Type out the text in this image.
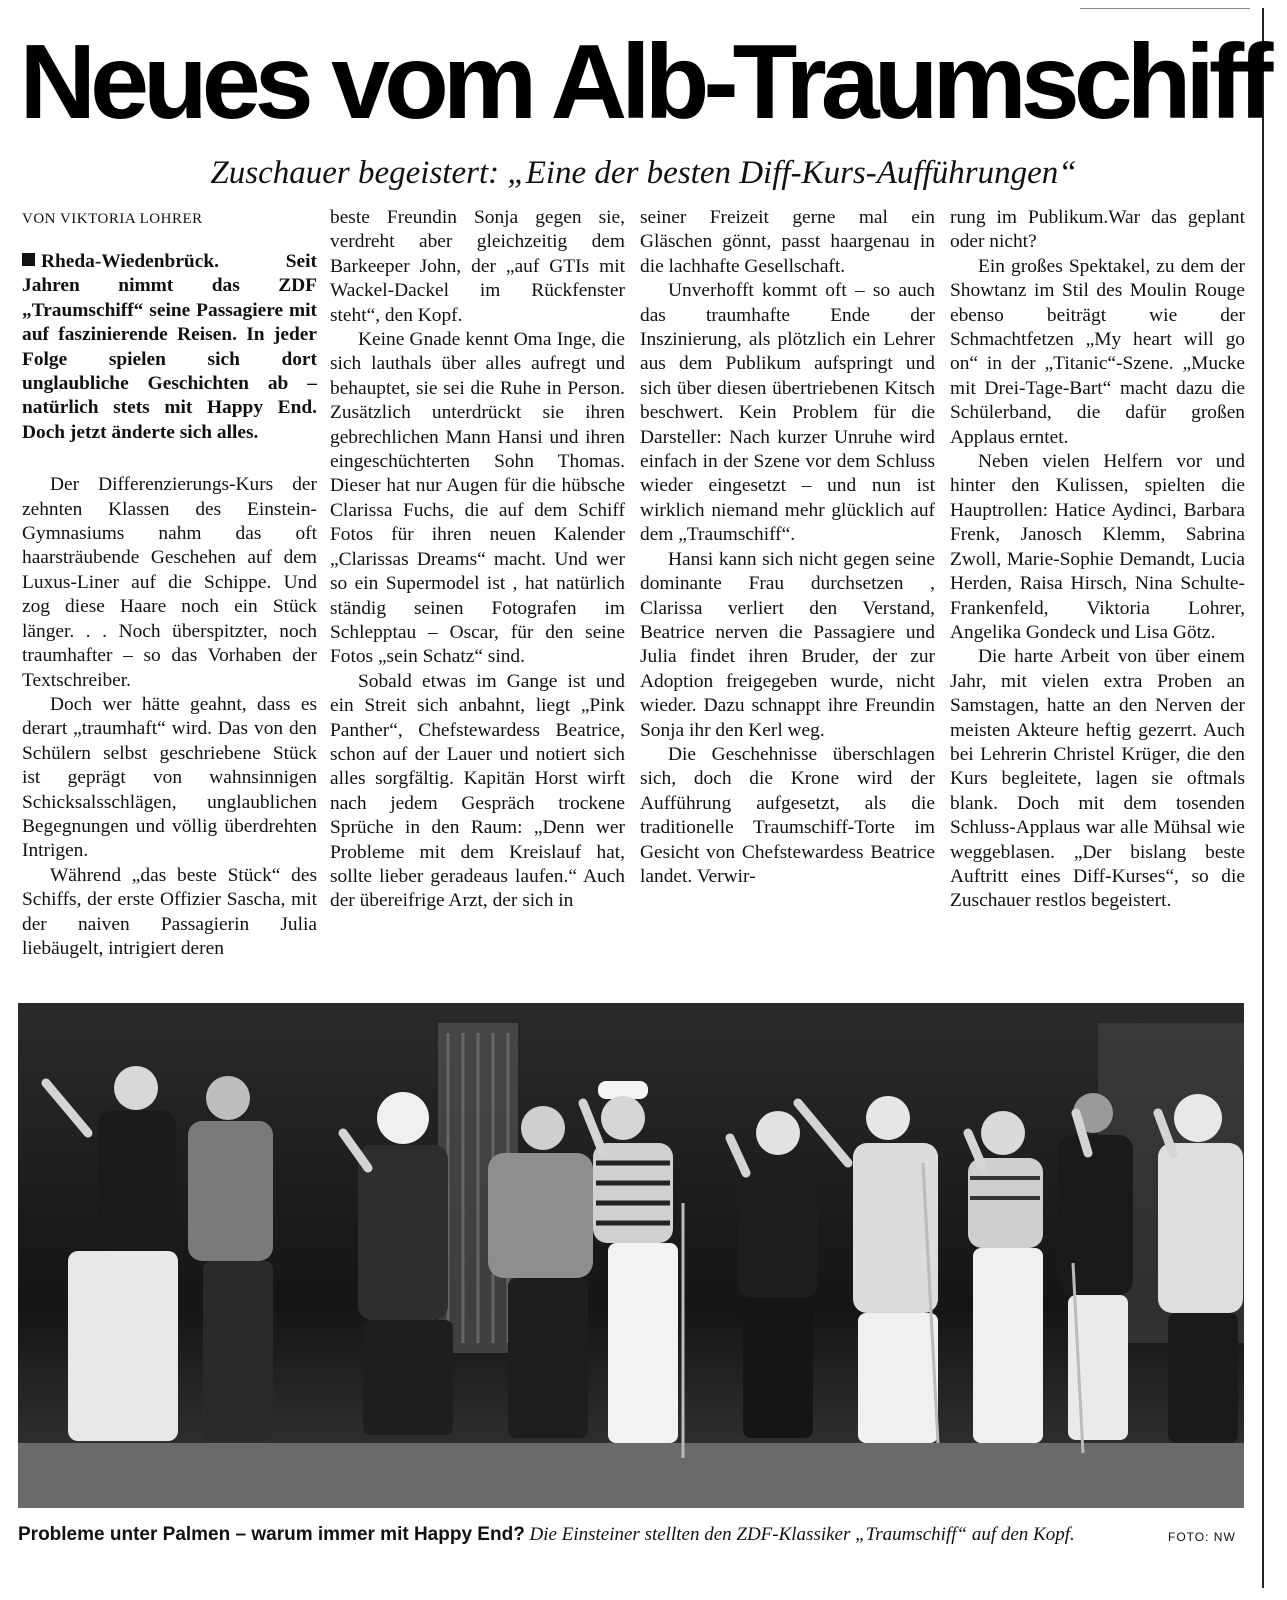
Neues vom Alb-Traumschiff
Zuschauer begeistert: „Eine der besten Diff-Kurs-Aufführungen“
VON VIKTORIA LOHRER
Rheda-Wiedenbrück. Seit Jahren nimmt das ZDF „Traumschiff“ seine Passagiere mit auf faszinierende Reisen. In jeder Folge spielen sich dort unglaubliche Geschichten ab – natürlich stets mit Happy End. Doch jetzt änderte sich alles.

Der Differenzierungs-Kurs der zehnten Klassen des Einstein-Gymnasiums nahm das oft haarsträubende Geschehen auf dem Luxus-Liner auf die Schippe. Und zog diese Haare noch ein Stück länger. . . Noch überspitzter, noch traumhafter – so das Vorhaben der Textschreiber.

Doch wer hätte geahnt, dass es derart „traumhaft“ wird. Das von den Schülern selbst geschriebene Stück ist geprägt von wahnsinnigen Schicksalsschlägen, unglaublichen Begegnungen und völlig überdrehten Intrigen.

Während „das beste Stück“ des Schiffs, der erste Offizier Sascha, mit der naiven Passagierin Julia liebäugelt, intrigiert deren

beste Freundin Sonja gegen sie, verdreht aber gleichzeitig dem Barkeeper John, der „auf GTIs mit Wackel-Dackel im Rückfenster steht“, den Kopf.

Keine Gnade kennt Oma Inge, die sich lauthals über alles aufregt und behauptet, sie sei die Ruhe in Person. Zusätzlich unterdrückt sie ihren gebrechlichen Mann Hansi und ihren eingeschüchterten Sohn Thomas. Dieser hat nur Augen für die hübsche Clarissa Fuchs, die auf dem Schiff Fotos für ihren neuen Kalender „Clarissas Dreams“ macht. Und wer so ein Supermodel ist , hat natürlich ständig seinen Fotografen im Schlepptau – Oscar, für den seine Fotos „sein Schatz“ sind.

Sobald etwas im Gange ist und ein Streit sich anbahnt, liegt „Pink Panther“, Chefstewardess Beatrice, schon auf der Lauer und notiert sich alles sorgfältig. Kapitän Horst wirft nach jedem Gespräch trockene Sprüche in den Raum: „Denn wer Probleme mit dem Kreislauf hat, sollte lieber geradeaus laufen.“ Auch der übereifrige Arzt, der sich in

seiner Freizeit gerne mal ein Gläschen gönnt, passt haargenau in die lachhafte Gesellschaft.

Unverhofft kommt oft – so auch das traumhafte Ende der Inszinierung, als plötzlich ein Lehrer aus dem Publikum aufspringt und sich über diesen übertriebenen Kitsch beschwert. Kein Problem für die Darsteller: Nach kurzer Unruhe wird einfach in der Szene vor dem Schluss wieder eingesetzt – und nun ist wirklich niemand mehr glücklich auf dem „Traumschiff“.

Hansi kann sich nicht gegen seine dominante Frau durchsetzen , Clarissa verliert den Verstand, Beatrice nerven die Passagiere und Julia findet ihren Bruder, der zur Adoption freigegeben wurde, nicht wieder. Dazu schnappt ihre Freundin Sonja ihr den Kerl weg.

Die Geschehnisse überschlagen sich, doch die Krone wird der Aufführung aufgesetzt, als die traditionelle Traumschiff-Torte im Gesicht von Chefstewardess Beatrice landet. Verwir-

rung im Publikum.War das geplant oder nicht?

Ein großes Spektakel, zu dem der Showtanz im Stil des Moulin Rouge ebenso beiträgt wie der Schmachtfetzen „My heart will go on“ in der „Titanic“-Szene. „Mucke mit Drei-Tage-Bart“ macht dazu die Schülerband, die dafür großen Applaus erntet.

Neben vielen Helfern vor und hinter den Kulissen, spielten die Hauptrollen: Hatice Aydinci, Barbara Frenk, Janosch Klemm, Sabrina Zwoll, Marie-Sophie Demandt, Lucia Herden, Raisa Hirsch, Nina Schulte-Frankenfeld, Viktoria Lohrer, Angelika Gondeck und Lisa Götz.

Die harte Arbeit von über einem Jahr, mit vielen extra Proben an Samstagen, hatte an den Nerven der meisten Akteure heftig gezerrt. Auch bei Lehrerin Christel Krüger, die den Kurs begleitete, lagen sie oftmals blank. Doch mit dem tosenden Schluss-Applaus war alle Mühsal wie weggeblasen. „Der bislang beste Auftritt eines Diff-Kurses“, so die Zuschauer restlos begeistert.

Probleme unter Palmen – warum immer mit Happy End? Die Einsteiner stellten den ZDF-Klassiker „Traumschiff“ auf den Kopf.	FOTO: NW
